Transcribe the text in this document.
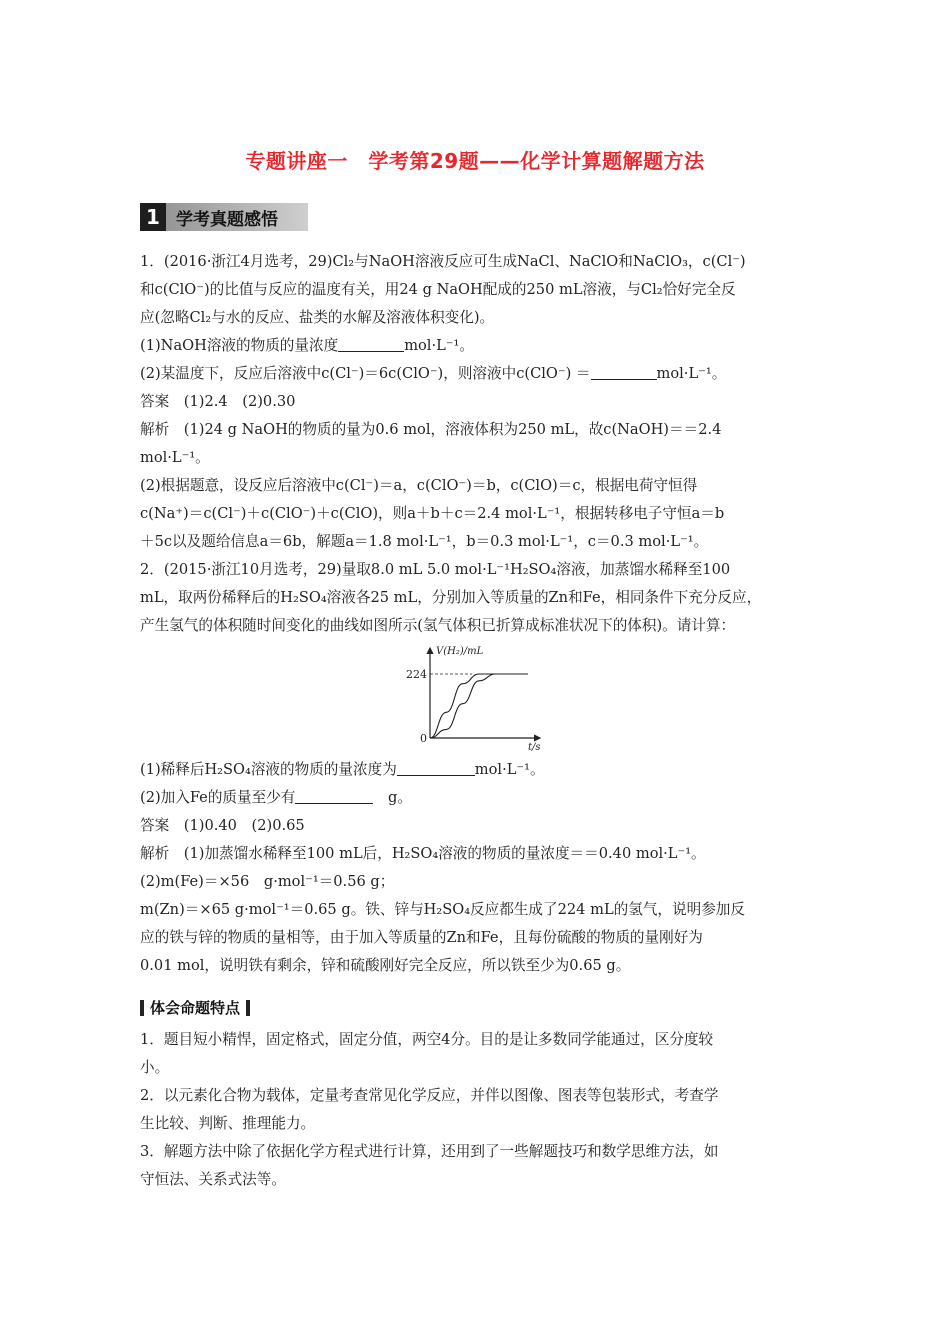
专题讲座一　学考第29题——化学计算题解题方法
1 学考真题感悟

1．(2016·浙江4月选考，29)Cl₂与NaOH溶液反应可生成NaCl、NaClO和NaClO₃，c(Cl⁻)

和c(ClO⁻)的比值与反应的温度有关，用24 g NaOH配成的250 mL溶液，与Cl₂恰好完全反

应(忽略Cl₂与水的反应、盐类的水解及溶液体积变化)。

(1)NaOH溶液的物质的量浓度	mol·L⁻¹。

(2)某温度下，反应后溶液中c(Cl⁻)＝6c(ClO⁻)，则溶液中c(ClO⁻) ＝	mol·L⁻¹。

答案　(1)2.4　(2)0.30

解析　(1)24 g NaOH的物质的量为0.6 mol，溶液体积为250 mL，故c(NaOH)＝＝2.4

mol·L⁻¹。

(2)根据题意，设反应后溶液中c(Cl⁻)＝a，c(ClO⁻)＝b，c(ClO)＝c，根据电荷守恒得

c(Na⁺)＝c(Cl⁻)＋c(ClO⁻)＋c(ClO)，则a＋b＋c＝2.4 mol·L⁻¹，根据转移电子守恒a＝b

＋5c以及题给信息a＝6b，解题a＝1.8 mol·L⁻¹，b＝0.3 mol·L⁻¹，c＝0.3 mol·L⁻¹。

2．(2015·浙江10月选考，29)量取8.0 mL 5.0 mol·L⁻¹H₂SO₄溶液，加蒸馏水稀释至100

mL，取两份稀释后的H₂SO₄溶液各25 mL，分别加入等质量的Zn和Fe，相同条件下充分反应，

产生氢气的体积随时间变化的曲线如图所示(氢气体积已折算成标准状况下的体积)。请计算：

V(H₂)/mL
224
0
t/s

(1)稀释后H₂SO₄溶液的物质的量浓度为	mol·L⁻¹。

(2)加入Fe的质量至少有　	g。

答案　(1)0.40　(2)0.65

解析　(1)加蒸馏水稀释至100 mL后，H₂SO₄溶液的物质的量浓度＝＝0.40 mol·L⁻¹。

(2)m(Fe)＝×56　g·mol⁻¹＝0.56 g；

m(Zn)＝×65 g·mol⁻¹＝0.65 g。铁、锌与H₂SO₄反应都生成了224 mL的氢气，说明参加反

应的铁与锌的物质的量相等，由于加入等质量的Zn和Fe，且每份硫酸的物质的量刚好为

0.01 mol，说明铁有剩余，锌和硫酸刚好完全反应，所以铁至少为0.65 g。

体会命题特点

1．题目短小精悍，固定格式，固定分值，两空4分。目的是让多数同学能通过，区分度较

小。

2．以元素化合物为载体，定量考查常见化学反应，并伴以图像、图表等包装形式，考查学

生比较、判断、推理能力。

3．解题方法中除了依据化学方程式进行计算，还用到了一些解题技巧和数学思维方法，如

守恒法、关系式法等。
